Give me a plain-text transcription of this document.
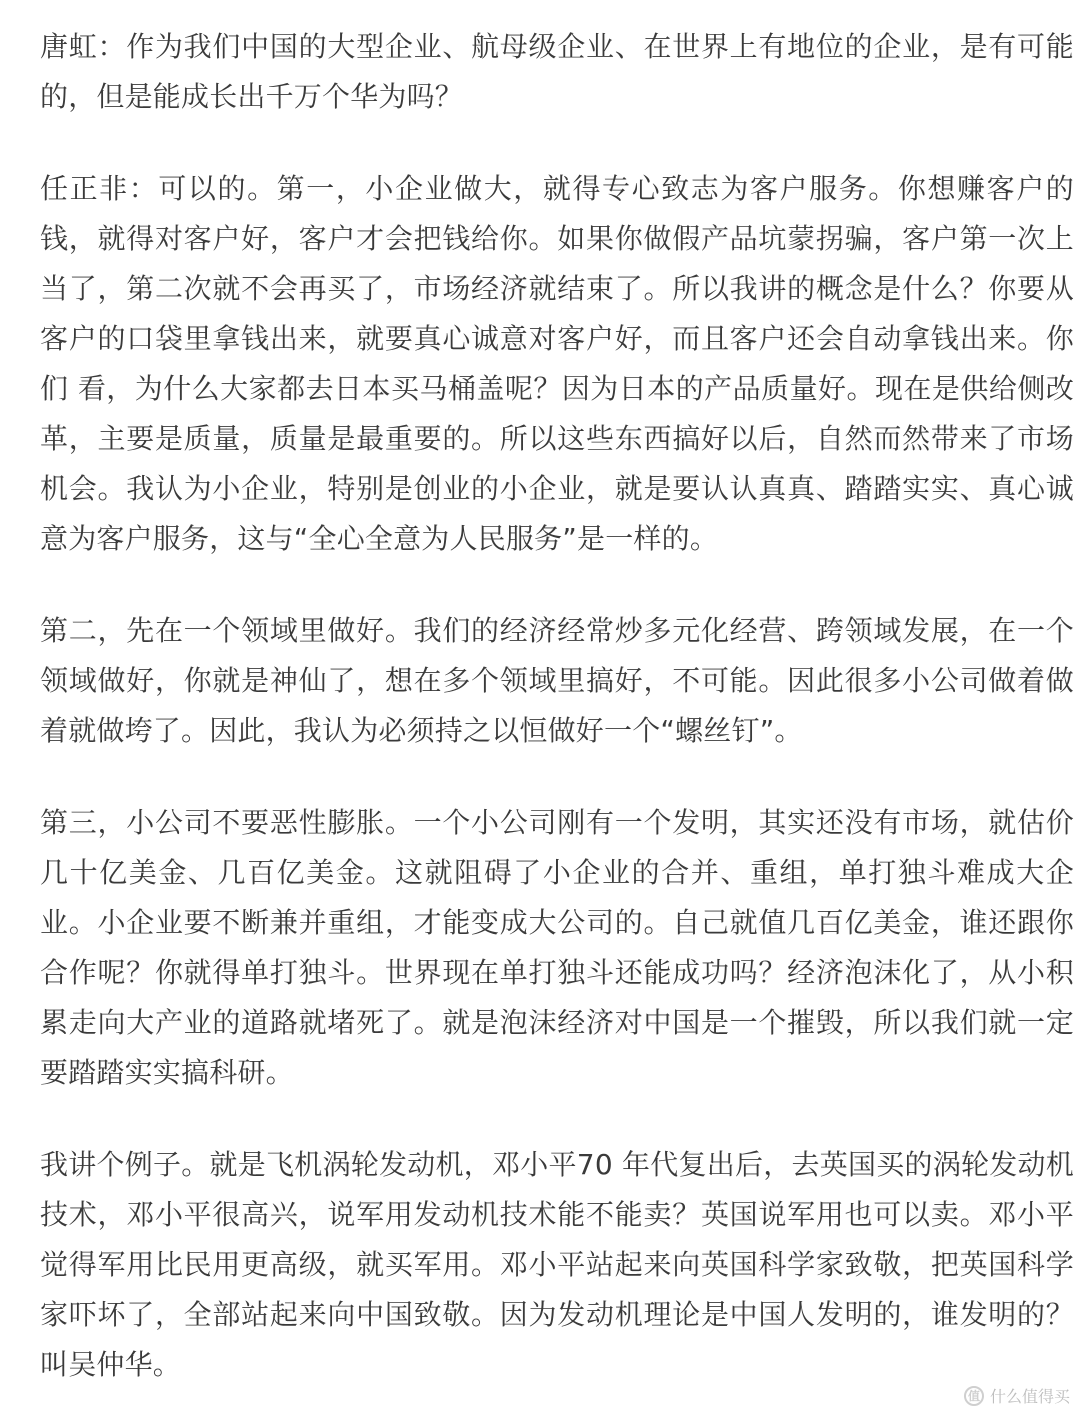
唐虹：作为我们中国的大型企业、航母级企业、在世界上有地位的企业，是有可能的，但是能成长出千万个华为吗？

任正非：可以的。第一，小企业做大，就得专心致志为客户服务。你想赚客户的钱，就得对客户好，客户才会把钱给你。如果你做假产品坑蒙拐骗，客户第一次上当了，第二次就不会再买了，市场经济就结束了。所以我讲的概念是什么？你要从客户的口袋里拿钱出来，就要真心诚意对客户好，而且客户还会自动拿钱出来。你们 看，为什么大家都去日本买马桶盖呢？因为日本的产品质量好。现在是供给侧改革，主要是质量，质量是最重要的。所以这些东西搞好以后，自然而然带来了市场机会。我认为小企业，特别是创业的小企业，就是要认认真真、踏踏实实、真心诚意为客户服务，这与“全心全意为人民服务”是一样的。

第二，先在一个领域里做好。我们的经济经常炒多元化经营、跨领域发展，在一个领域做好，你就是神仙了，想在多个领域里搞好，不可能。因此很多小公司做着做着就做垮了。因此，我认为必须持之以恒做好一个“螺丝钉”。

第三，小公司不要恶性膨胀。一个小公司刚有一个发明，其实还没有市场，就估价几十亿美金、几百亿美金。这就阻碍了小企业的合并、重组，单打独斗难成大企业。小企业要不断兼并重组，才能变成大公司的。自己就值几百亿美金，谁还跟你合作呢？你就得单打独斗。世界现在单打独斗还能成功吗？经济泡沫化了，从小积累走向大产业的道路就堵死了。就是泡沫经济对中国是一个摧毁，所以我们就一定要踏踏实实搞科研。

我讲个例子。就是飞机涡轮发动机，邓小平70 年代复出后，去英国买的涡轮发动机技术，邓小平很高兴，说军用发动机技术能不能卖？英国说军用也可以卖。邓小平觉得军用比民用更高级，就买军用。邓小平站起来向英国科学家致敬，把英国科学家吓坏了，全部站起来向中国致敬。因为发动机理论是中国人发明的，谁发明的？叫吴仲华。

值 什么值得买
